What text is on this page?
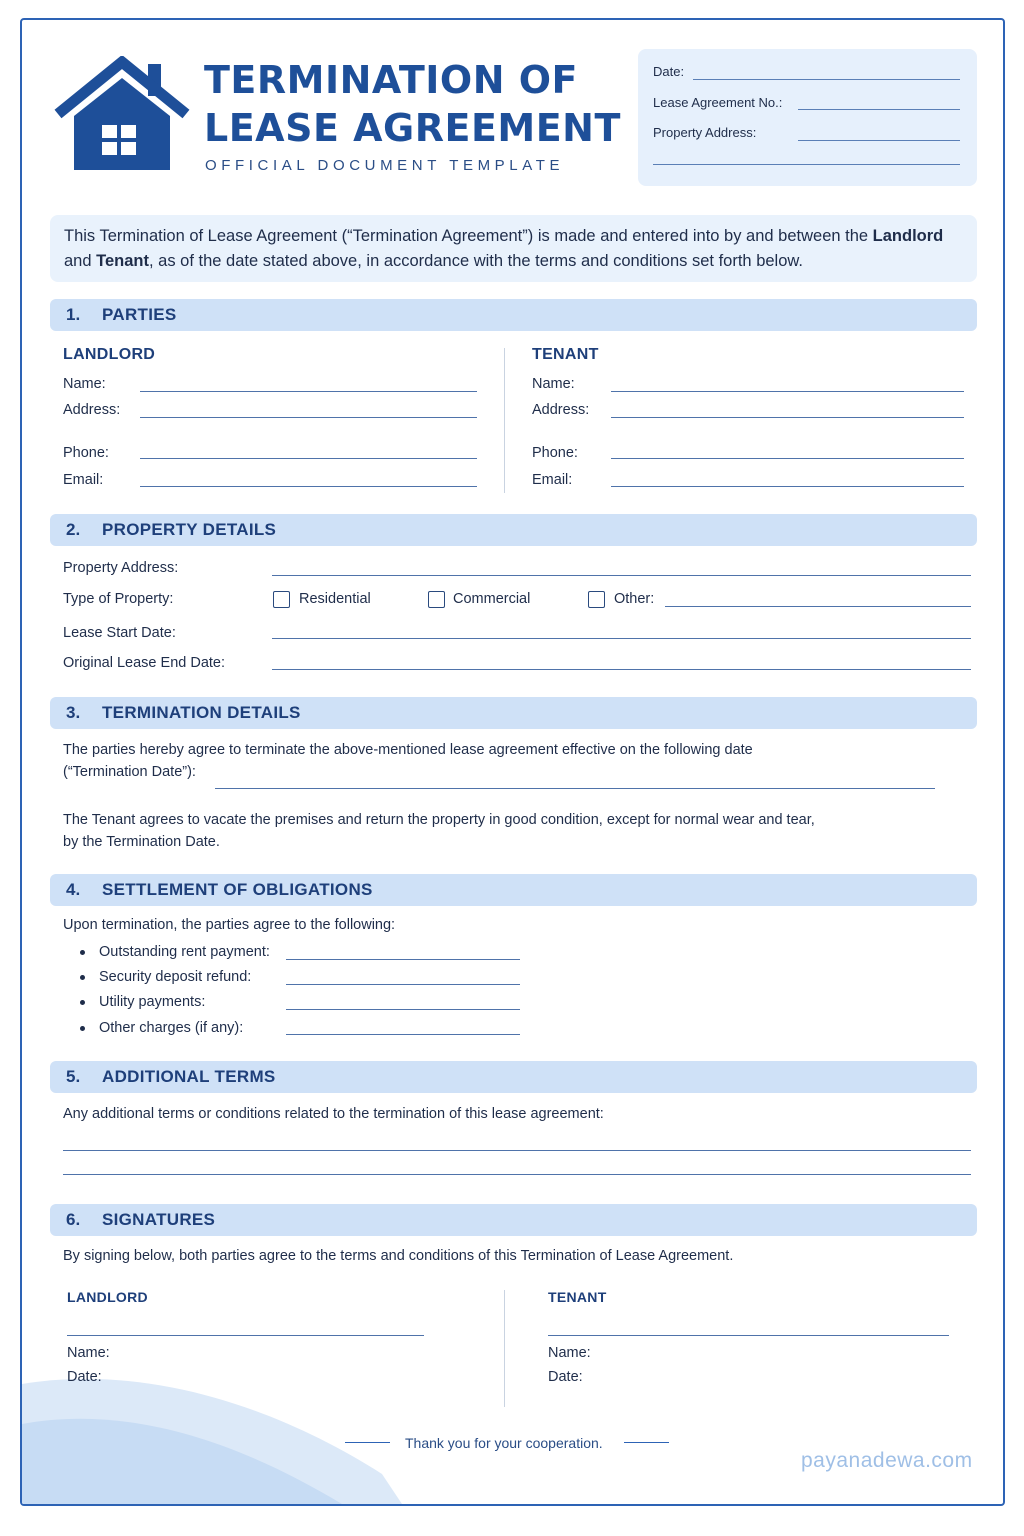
TERMINATION OF
LEASE AGREEMENT
OFFICIAL DOCUMENT TEMPLATE
Date:
Lease Agreement No.:
Property Address:
This Termination of Lease Agreement (“Termination Agreement”) is made and entered into by and between the Landlord and Tenant, as of the date stated above, in accordance with the terms and conditions set forth below.
1. PARTIES
LANDLORD
Name:
Address:
Phone:
Email:
TENANT
Name:
Address:
Phone:
Email:
2. PROPERTY DETAILS
Property Address:
Type of Property:	Residential	Commercial	Other:
Lease Start Date:
Original Lease End Date:
3. TERMINATION DETAILS
The parties hereby agree to terminate the above-mentioned lease agreement effective on the following date
(“Termination Date”):
The Tenant agrees to vacate the premises and return the property in good condition, except for normal wear and tear,
by the Termination Date.
4. SETTLEMENT OF OBLIGATIONS
Upon termination, the parties agree to the following:
Outstanding rent payment:
Security deposit refund:
Utility payments:
Other charges (if any):
5. ADDITIONAL TERMS
Any additional terms or conditions related to the termination of this lease agreement:
6. SIGNATURES
By signing below, both parties agree to the terms and conditions of this Termination of Lease Agreement.
LANDLORD
Name:
Date:
TENANT
Name:
Date:
Thank you for your cooperation.
payanadewa.com
